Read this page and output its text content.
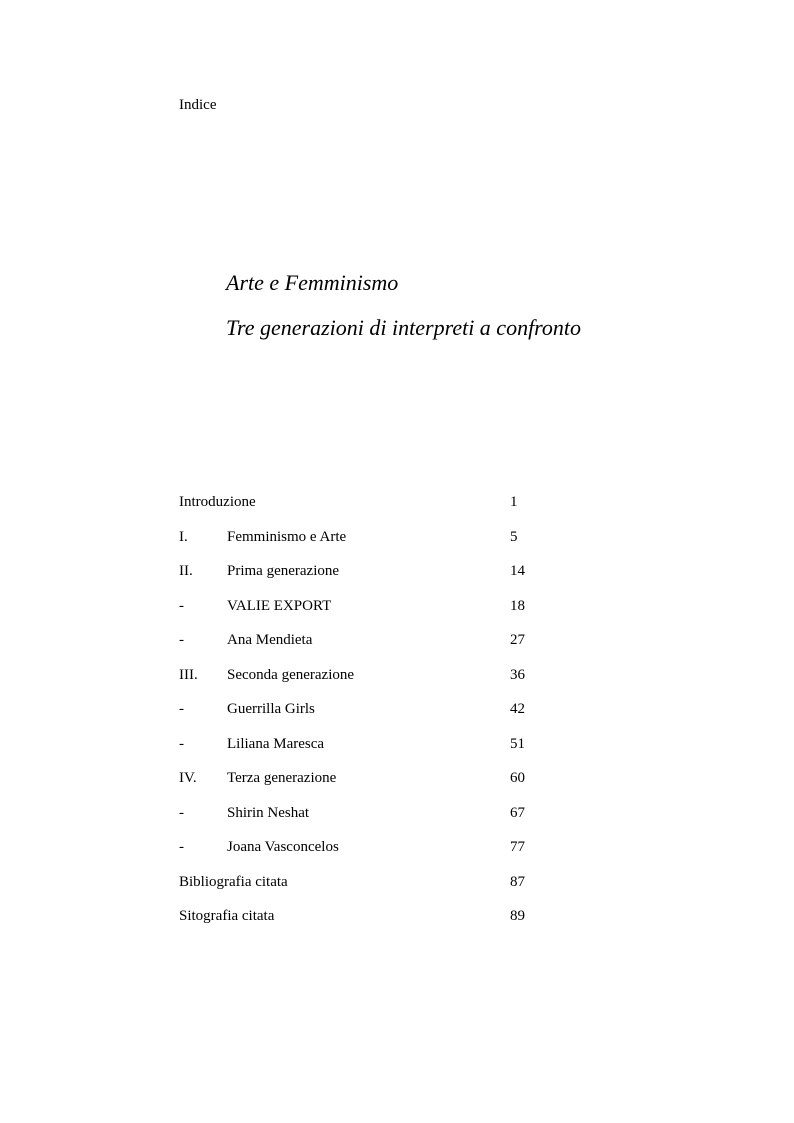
Indice
Arte e Femminismo
Tre generazioni di interpreti a confronto
Introduzione	1
I.	Femminismo e Arte	5
II. Prima generazione	14
-	VALIE EXPORT	18
-	Ana Mendieta	27
III. Seconda generazione	36
-	Guerrilla Girls	42
-	Liliana Maresca	51
IV. Terza generazione	60
-	Shirin Neshat	67
-	Joana Vasconcelos	77
Bibliografia citata	87
Sitografia citata	89
